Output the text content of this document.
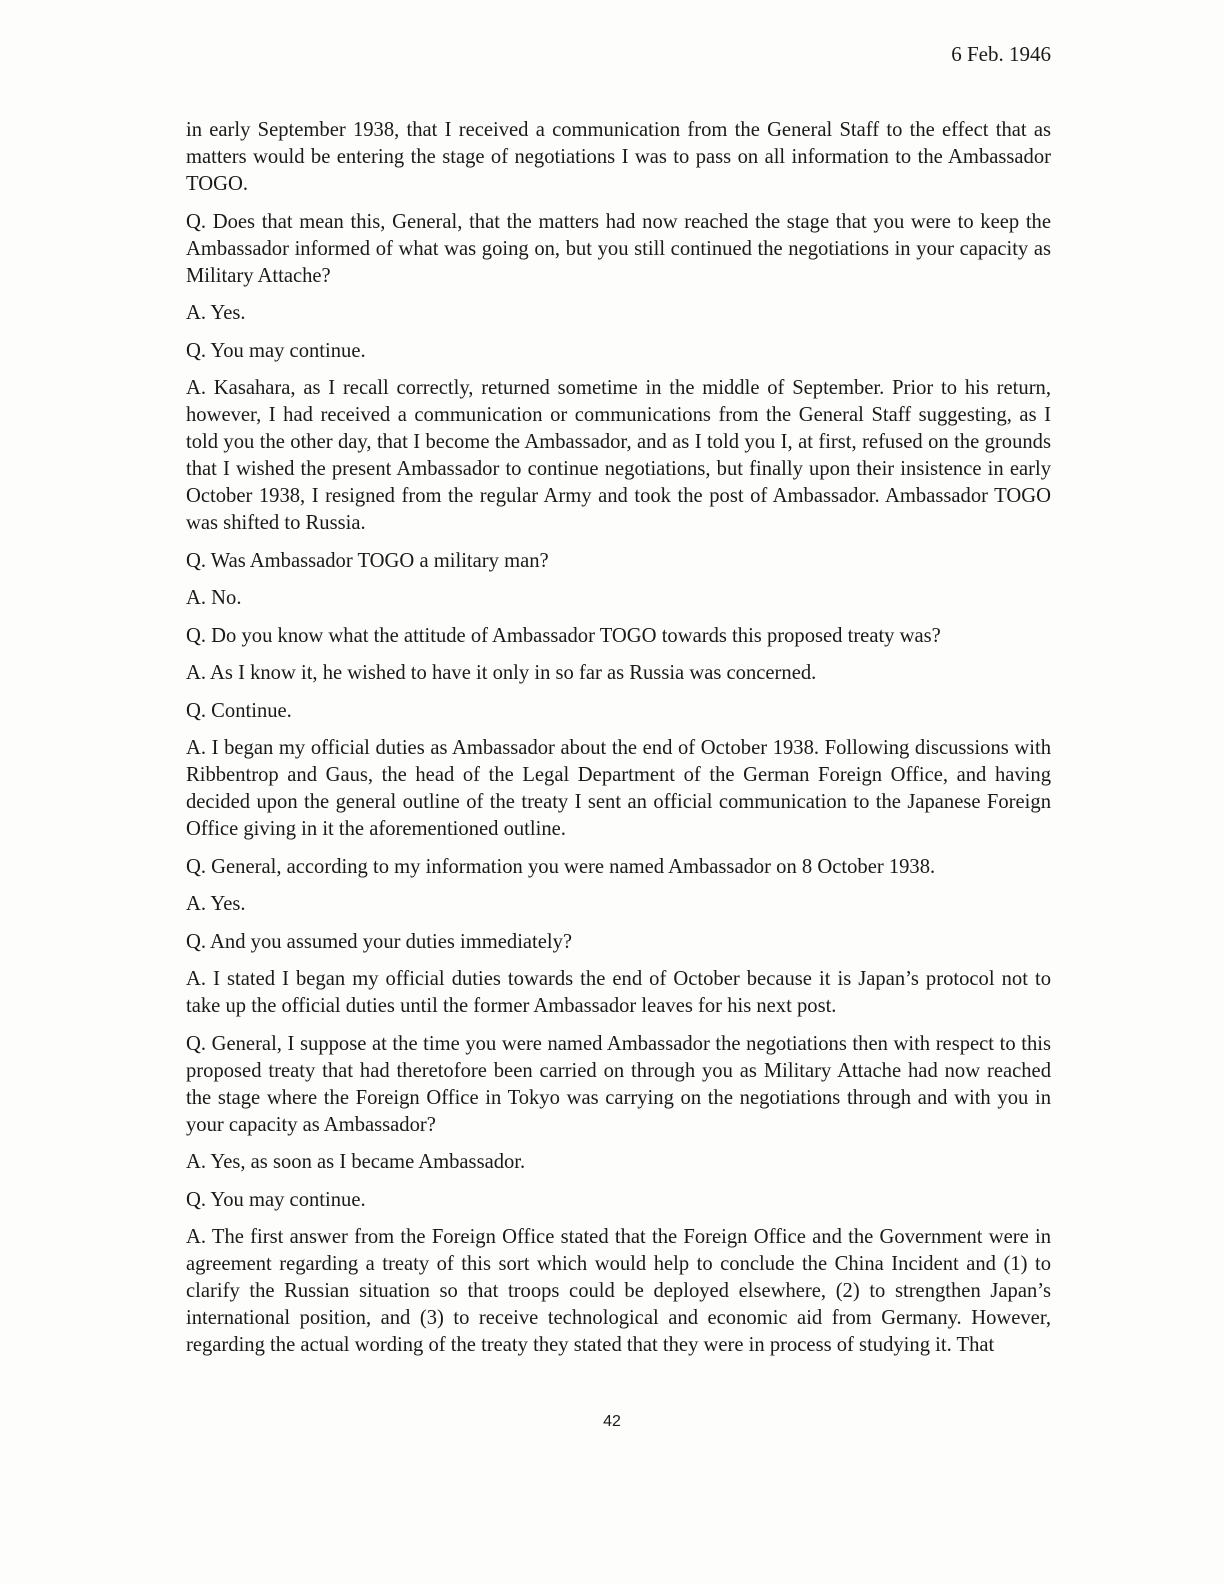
6 Feb. 1946

in early September 1938, that I received a communication from the General Staff to the effect that as matters would be entering the stage of negotiations I was to pass on all information to the Ambassador TOGO.

Q. Does that mean this, General, that the matters had now reached the stage that you were to keep the Ambassador informed of what was going on, but you still continued the negotiations in your capacity as Military Attache?

A. Yes.

Q. You may continue.

A. Kasahara, as I recall correctly, returned sometime in the middle of September. Prior to his return, however, I had received a communication or communications from the General Staff suggesting, as I told you the other day, that I become the Ambassador, and as I told you I, at first, refused on the grounds that I wished the present Ambassador to continue negotiations, but finally upon their insistence in early October 1938, I resigned from the regular Army and took the post of Ambassador. Ambassador TOGO was shifted to Russia.

Q. Was Ambassador TOGO a military man?

A. No.

Q. Do you know what the attitude of Ambassador TOGO towards this proposed treaty was?

A. As I know it, he wished to have it only in so far as Russia was concerned.

Q. Continue.

A. I began my official duties as Ambassador about the end of October 1938. Following discussions with Ribbentrop and Gaus, the head of the Legal Department of the German Foreign Office, and having decided upon the general outline of the treaty I sent an official communication to the Japanese Foreign Office giving in it the aforementioned outline.

Q. General, according to my information you were named Ambassador on 8 October 1938.

A. Yes.

Q. And you assumed your duties immediately?

A. I stated I began my official duties towards the end of October because it is Japan’s protocol not to take up the official duties until the former Ambassador leaves for his next post.

Q. General, I suppose at the time you were named Ambassador the negotiations then with respect to this proposed treaty that had theretofore been carried on through you as Military Attache had now reached the stage where the Foreign Office in Tokyo was carrying on the negotiations through and with you in your capacity as Ambassador?

A. Yes, as soon as I became Ambassador.

Q. You may continue.

A. The first answer from the Foreign Office stated that the Foreign Office and the Government were in agreement regarding a treaty of this sort which would help to conclude the China Incident and (1) to clarify the Russian situation so that troops could be deployed elsewhere, (2) to strengthen Japan’s international position, and (3) to receive technological and economic aid from Germany. However, regarding the actual wording of the treaty they stated that they were in process of studying it. That

42
